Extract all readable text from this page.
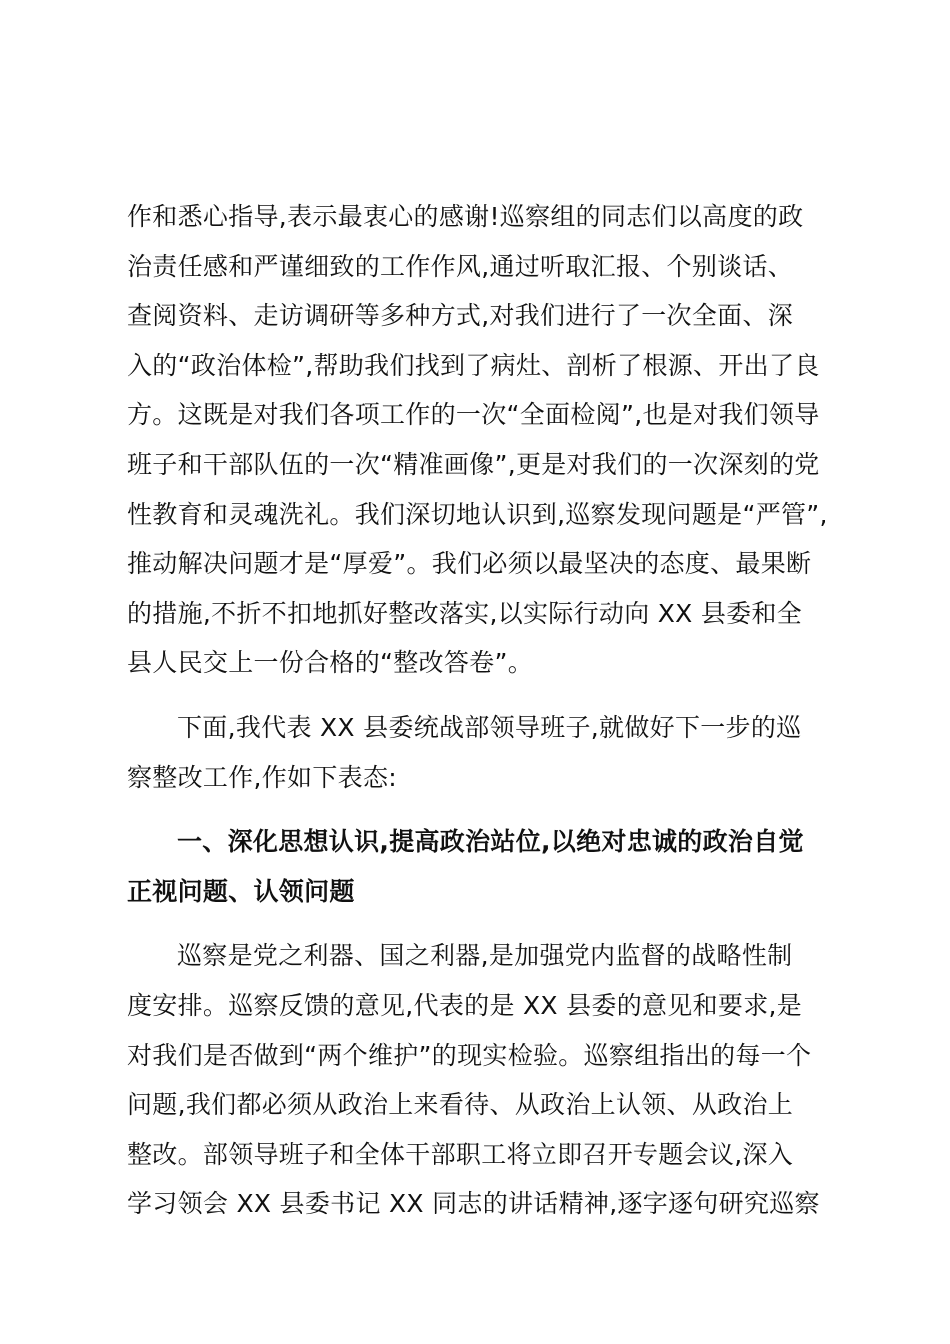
作和悉心指导,表示最衷心的感谢!巡察组的同志们以高度的政
治责任感和严谨细致的工作作风,通过听取汇报、个别谈话、
查阅资料、走访调研等多种方式,对我们进行了一次全面、深
入的“政治体检”,帮助我们找到了病灶、剖析了根源、开出了良
方。这既是对我们各项工作的一次“全面检阅”,也是对我们领导
班子和干部队伍的一次“精准画像”,更是对我们的一次深刻的党
性教育和灵魂洗礼。我们深切地认识到,巡察发现问题是“严管”,
推动解决问题才是“厚爱”。我们必须以最坚决的态度、最果断
的措施,不折不扣地抓好整改落实,以实际行动向 XX 县委和全
县人民交上一份合格的“整改答卷”。

下面,我代表 XX 县委统战部领导班子,就做好下一步的巡
察整改工作,作如下表态:

一、深化思想认识,提高政治站位,以绝对忠诚的政治自觉
正视问题、认领问题

巡察是党之利器、国之利器,是加强党内监督的战略性制
度安排。巡察反馈的意见,代表的是 XX 县委的意见和要求,是
对我们是否做到“两个维护”的现实检验。巡察组指出的每一个
问题,我们都必须从政治上来看待、从政治上认领、从政治上
整改。部领导班子和全体干部职工将立即召开专题会议,深入
学习领会 XX 县委书记 XX 同志的讲话精神,逐字逐句研究巡察
